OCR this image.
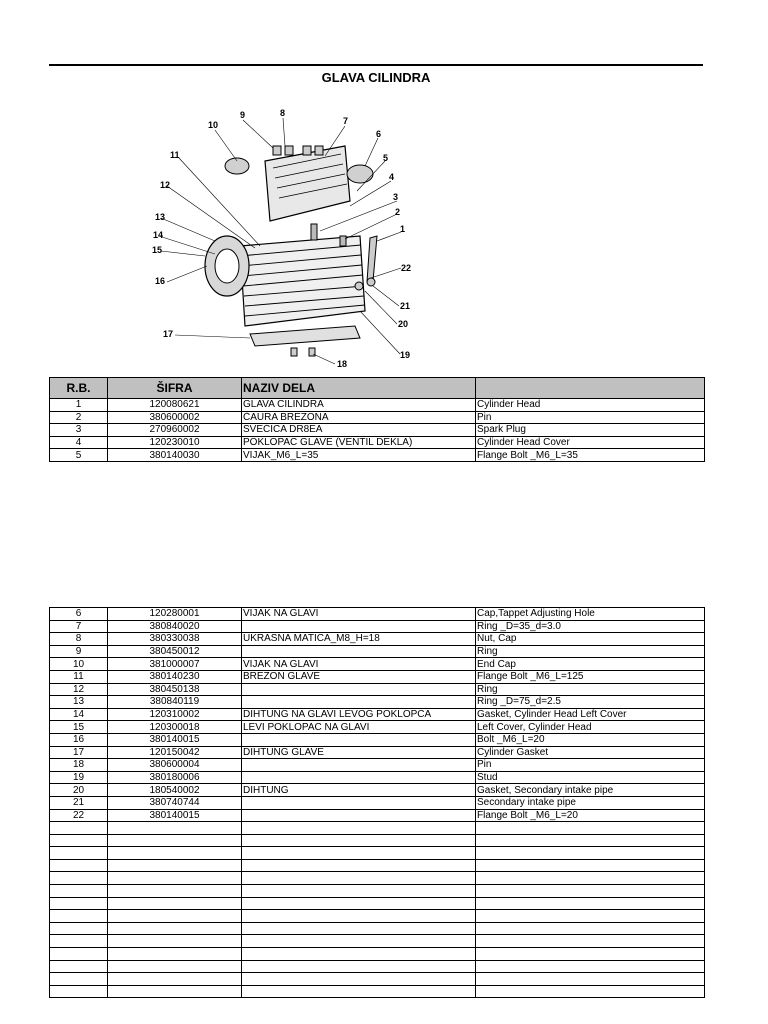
GLAVA CILINDRA
10
9	8
7
6
5
4
3
2
1
11
12
13
14
15
16
17
18
19
20
21
22
R.B.	ŠIFRA	NAZIV DELA	
1	120080621	GLAVA CILINDRA	Cylinder Head
2	380600002	ČAURA BREZONA	Pin
3	270960002	SVEĆICA DR8EA	Spark Plug
4	120230010	POKLOPAC GLAVE (VENTIL DEKLA)	Cylinder Head Cover
5	380140030	VIJAK_M6_L=35	Flange Bolt _M6_L=35
6	120280001	VIJAK NA GLAVI	Cap,Tappet Adjusting Hole
7	380840020		Ring _D=35_d=3.0
8	380330038	UKRASNA MATICA_M8_H=18	Nut, Cap
9	380450012		Ring
10	381000007	VIJAK NA GLAVI	End Cap
11	380140230	BREZON GLAVE	Flange Bolt _M6_L=125
12	380450138		Ring
13	380840119		Ring _D=75_d=2.5
14	120310002	DIHTUNG NA GLAVI LEVOG POKLOPCA	Gasket, Cylinder Head Left Cover
15	120300018	LEVI POKLOPAC NA GLAVI	Left Cover, Cylinder Head
16	380140015		Bolt _M6_L=20
17	120150042	DIHTUNG GLAVE	Cylinder Gasket
18	380600004		Pin
19	380180006		Stud
20	180540002	DIHTUNG	Gasket, Secondary intake pipe
21	380740744		Secondary intake pipe
22	380140015		Flange Bolt _M6_L=20
